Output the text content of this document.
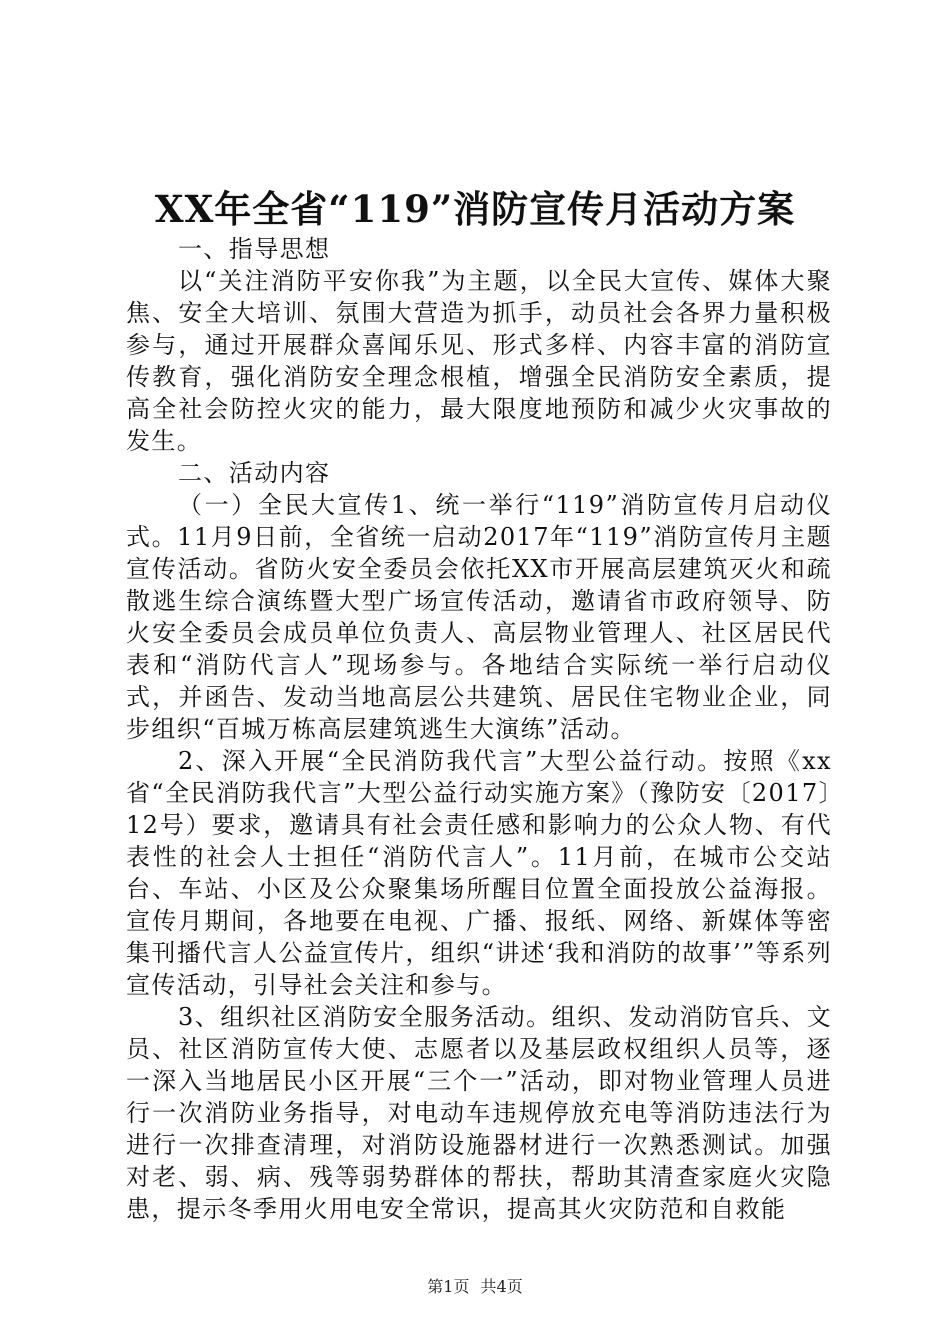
XX年全省“119”消防宣传月活动方案

一、指导思想

以“关注消防平安你我”为主题，以全民大宣传、媒体大聚焦、安全大培训、氛围大营造为抓手，动员社会各界力量积极参与，通过开展群众喜闻乐见、形式多样、内容丰富的消防宣传教育，强化消防安全理念根植，增强全民消防安全素质，提高全社会防控火灾的能力，最大限度地预防和减少火灾事故的发生。

二、活动内容

（一）全民大宣传1、统一举行“119”消防宣传月启动仪式。11月9日前，全省统一启动2017年“119”消防宣传月主题宣传活动。省防火安全委员会依托XX市开展高层建筑灭火和疏散逃生综合演练暨大型广场宣传活动，邀请省市政府领导、防火安全委员会成员单位负责人、高层物业管理人、社区居民代表和“消防代言人”现场参与。各地结合实际统一举行启动仪式，并函告、发动当地高层公共建筑、居民住宅物业企业，同步组织“百城万栋高层建筑逃生大演练”活动。

2、深入开展“全民消防我代言”大型公益行动。按照《xx省“全民消防我代言”大型公益行动实施方案》（豫防安〔2017〕12号）要求，邀请具有社会责任感和影响力的公众人物、有代表性的社会人士担任“消防代言人”。11月前，在城市公交站台、车站、小区及公众聚集场所醒目位置全面投放公益海报。宣传月期间，各地要在电视、广播、报纸、网络、新媒体等密集刊播代言人公益宣传片，组织“讲述‘我和消防的故事’”等系列宣传活动，引导社会关注和参与。

3、组织社区消防安全服务活动。组织、发动消防官兵、文员、社区消防宣传大使、志愿者以及基层政权组织人员等，逐一深入当地居民小区开展“三个一”活动，即对物业管理人员进行一次消防业务指导，对电动车违规停放充电等消防违法行为进行一次排查清理，对消防设施器材进行一次熟悉测试。加强对老、弱、病、残等弱势群体的帮扶，帮助其清查家庭火灾隐患，提示冬季用火用电安全常识，提高其火灾防范和自救能

第1页 共4页
